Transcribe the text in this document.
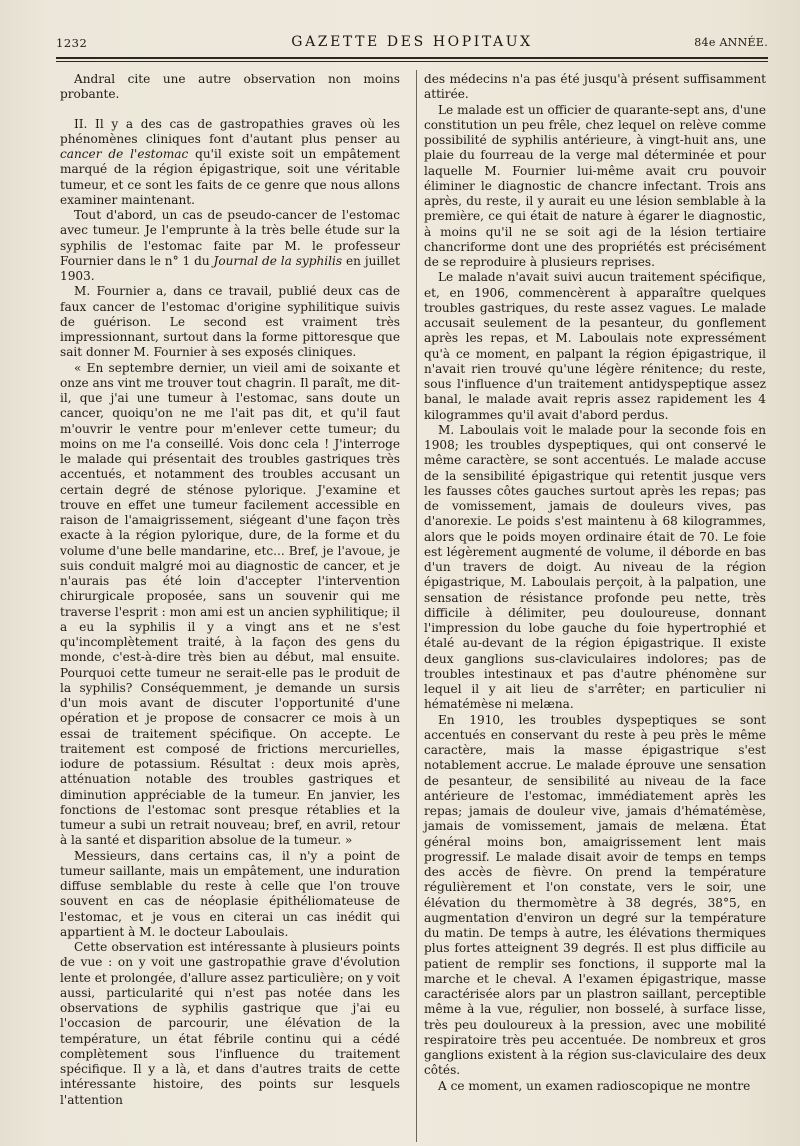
1232	GAZETTE DES HOPITAUX	84e ANNÉE.

Andral cite une autre observation non moins probante.

II. Il y a des cas de gastropathies graves où les phénomènes cliniques font d'autant plus penser au cancer de l'estomac qu'il existe soit un empâtement marqué de la région épigastrique, soit une véritable tumeur, et ce sont les faits de ce genre que nous allons examiner maintenant.

Tout d'abord, un cas de pseudo-cancer de l'estomac avec tumeur. Je l'emprunte à la très belle étude sur la syphilis de l'estomac faite par M. le professeur Fournier dans le n° 1 du Journal de la syphilis en juillet 1903.

M. Fournier a, dans ce travail, publié deux cas de faux cancer de l'estomac d'origine syphilitique suivis de guérison. Le second est vraiment très impressionnant, surtout dans la forme pittoresque que sait donner M. Fournier à ses exposés cliniques.

« En septembre dernier, un vieil ami de soixante et onze ans vint me trouver tout chagrin. Il paraît, me dit-il, que j'ai une tumeur à l'estomac, sans doute un cancer, quoiqu'on ne me l'ait pas dit, et qu'il faut m'ouvrir le ventre pour m'enlever cette tumeur; du moins on me l'a conseillé. Vois donc cela ! J'interroge le malade qui présentait des troubles gastriques très accentués, et notamment des troubles accusant un certain degré de sténose pylorique. J'examine et trouve en effet une tumeur facilement accessible en raison de l'amaigrissement, siégeant d'une façon très exacte à la région pylorique, dure, de la forme et du volume d'une belle mandarine, etc... Bref, je l'avoue, je suis conduit malgré moi au diagnostic de cancer, et je n'aurais pas été loin d'accepter l'intervention chirurgicale proposée, sans un souvenir qui me traverse l'esprit : mon ami est un ancien syphilitique; il a eu la syphilis il y a vingt ans et ne s'est qu'incomplètement traité, à la façon des gens du monde, c'est-à-dire très bien au début, mal ensuite. Pourquoi cette tumeur ne serait-elle pas le produit de la syphilis? Conséquemment, je demande un sursis d'un mois avant de discuter l'opportunité d'une opération et je propose de consacrer ce mois à un essai de traitement spécifique. On accepte. Le traitement est composé de frictions mercurielles, iodure de potassium. Résultat : deux mois après, atténuation notable des troubles gastriques et diminution appréciable de la tumeur. En janvier, les fonctions de l'estomac sont presque rétablies et la tumeur a subi un retrait nouveau; bref, en avril, retour à la santé et disparition absolue de la tumeur. »

Messieurs, dans certains cas, il n'y a point de tumeur saillante, mais un empâtement, une induration diffuse semblable du reste à celle que l'on trouve souvent en cas de néoplasie épithéliomateuse de l'estomac, et je vous en citerai un cas inédit qui appartient à M. le docteur Laboulais.

Cette observation est intéressante à plusieurs points de vue : on y voit une gastropathie grave d'évolution lente et prolongée, d'allure assez particulière; on y voit aussi, particularité qui n'est pas notée dans les observations de syphilis gastrique que j'ai eu l'occasion de parcourir, une élévation de la température, un état fébrile continu qui a cédé complètement sous l'influence du traitement spécifique. Il y a là, et dans d'autres traits de cette intéressante histoire, des points sur lesquels l'attention

des médecins n'a pas été jusqu'à présent suffisamment attirée.

Le malade est un officier de quarante-sept ans, d'une constitution un peu frêle, chez lequel on relève comme possibilité de syphilis antérieure, à vingt-huit ans, une plaie du fourreau de la verge mal déterminée et pour laquelle M. Fournier lui-même avait cru pouvoir éliminer le diagnostic de chancre infectant. Trois ans après, du reste, il y aurait eu une lésion semblable à la première, ce qui était de nature à égarer le diagnostic, à moins qu'il ne se soit agi de la lésion tertiaire chancriforme dont une des propriétés est précisément de se reproduire à plusieurs reprises.

Le malade n'avait suivi aucun traitement spécifique, et, en 1906, commencèrent à apparaître quelques troubles gastriques, du reste assez vagues. Le malade accusait seulement de la pesanteur, du gonflement après les repas, et M. Laboulais note expressément qu'à ce moment, en palpant la région épigastrique, il n'avait rien trouvé qu'une légère rénitence; du reste, sous l'influence d'un traitement antidyspeptique assez banal, le malade avait repris assez rapidement les 4 kilogrammes qu'il avait d'abord perdus.

M. Laboulais voit le malade pour la seconde fois en 1908; les troubles dyspeptiques, qui ont conservé le même caractère, se sont accentués. Le malade accuse de la sensibilité épigastrique qui retentit jusque vers les fausses côtes gauches surtout après les repas; pas de vomissement, jamais de douleurs vives, pas d'anorexie. Le poids s'est maintenu à 68 kilogrammes, alors que le poids moyen ordinaire était de 70. Le foie est légèrement augmenté de volume, il déborde en bas d'un travers de doigt. Au niveau de la région épigastrique, M. Laboulais perçoit, à la palpation, une sensation de résistance profonde peu nette, très difficile à délimiter, peu douloureuse, donnant l'impression du lobe gauche du foie hypertrophié et étalé au-devant de la région épigastrique. Il existe deux ganglions sus-claviculaires indolores; pas de troubles intestinaux et pas d'autre phénomène sur lequel il y ait lieu de s'arrêter; en particulier ni hématémèse ni melæna.

En 1910, les troubles dyspeptiques se sont accentués en conservant du reste à peu près le même caractère, mais la masse épigastrique s'est notablement accrue. Le malade éprouve une sensation de pesanteur, de sensibilité au niveau de la face antérieure de l'estomac, immédiatement après les repas; jamais de douleur vive, jamais d'hématémèse, jamais de vomissement, jamais de melæna. État général moins bon, amaigrissement lent mais progressif. Le malade disait avoir de temps en temps des accès de fièvre. On prend la température régulièrement et l'on constate, vers le soir, une élévation du thermomètre à 38 degrés, 38°5, en augmentation d'environ un degré sur la température du matin. De temps à autre, les élévations thermiques plus fortes atteignent 39 degrés. Il est plus difficile au patient de remplir ses fonctions, il supporte mal la marche et le cheval. A l'examen épigastrique, masse caractérisée alors par un plastron saillant, perceptible même à la vue, régulier, non bosselé, à surface lisse, très peu douloureux à la pression, avec une mobilité respiratoire très peu accentuée. De nombreux et gros ganglions existent à la région sus-claviculaire des deux côtés.

A ce moment, un examen radioscopique ne montre
